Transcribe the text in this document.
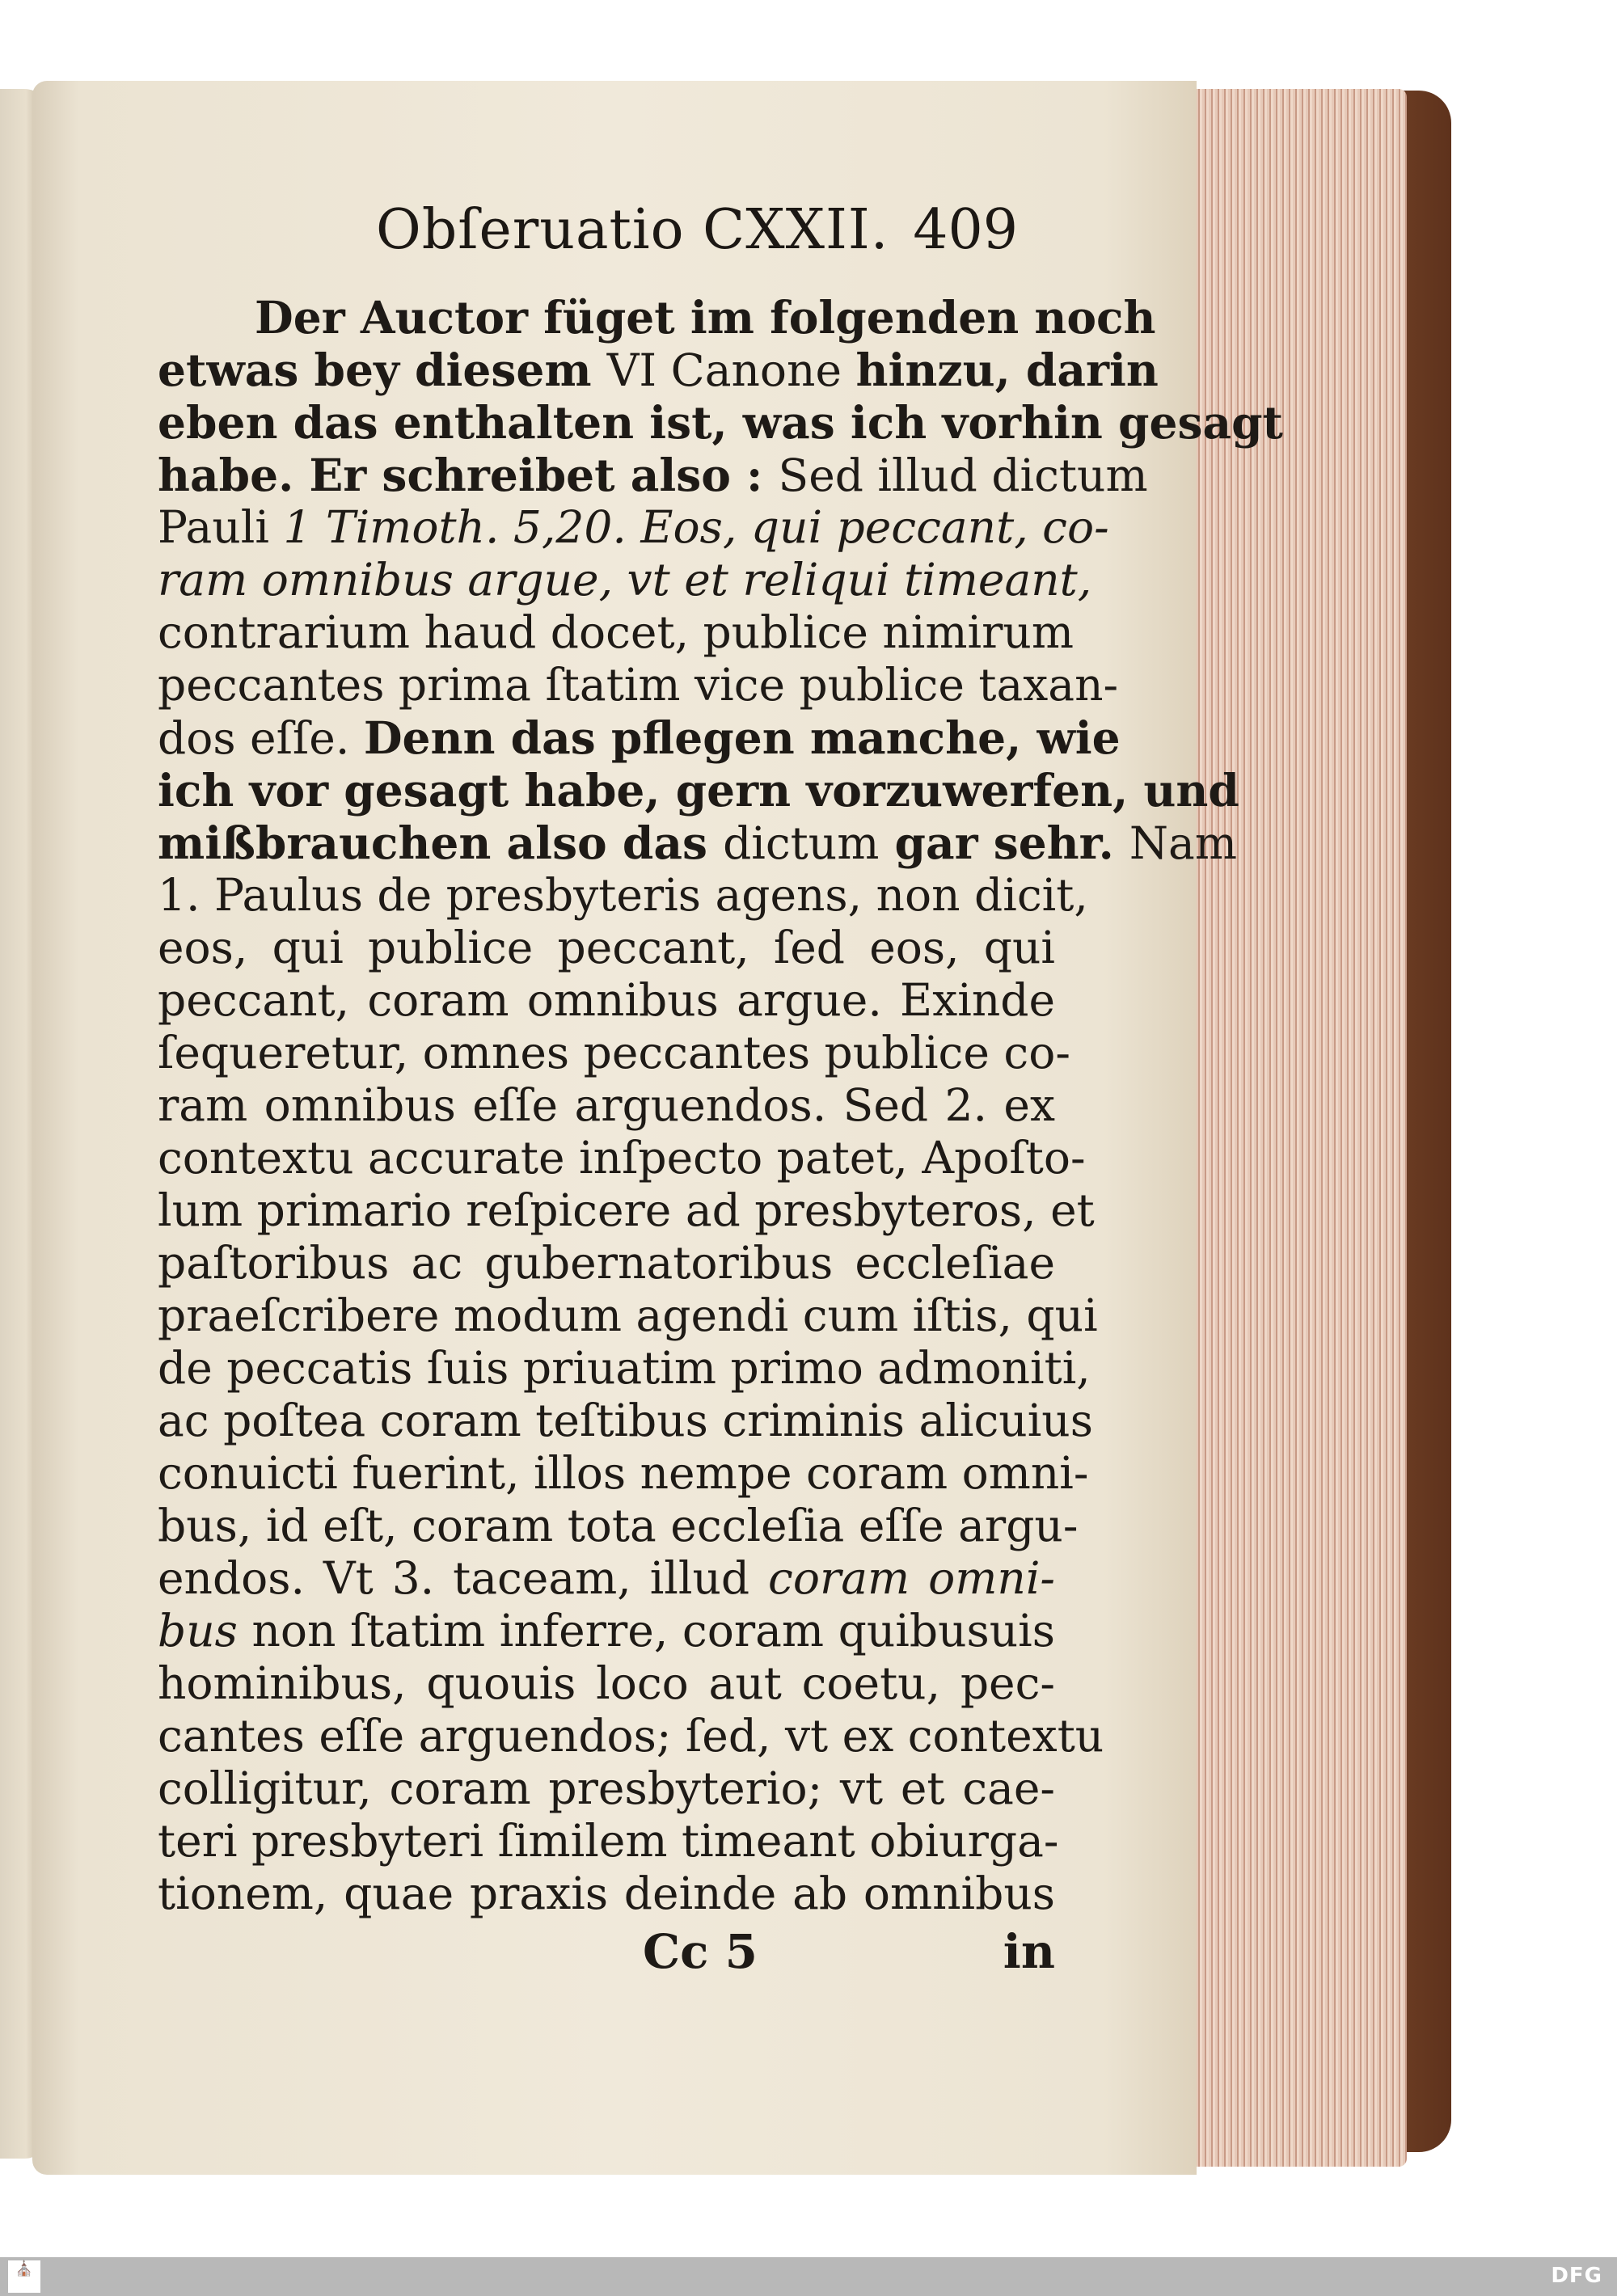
Obſeruatio CXXII. 409
Der Auctor füget im folgenden noch
etwas bey diesem VI Canone hinzu, darin
eben das enthalten ist, was ich vorhin gesagt
habe. Er schreibet also : Sed illud dictum
Pauli 1 Timoth. 5,20. Eos, qui peccant, co-
ram omnibus argue, vt et reliqui timeant,
contrarium haud docet, publice nimirum
peccantes prima ſtatim vice publice taxan-
dos eſſe. Denn das pflegen manche, wie
ich vor gesagt habe, gern vorzuwerfen, und
mißbrauchen also das dictum gar sehr. Nam
1. Paulus de presbyteris agens, non dicit,
eos, qui publice peccant, ſed eos, qui
peccant, coram omnibus argue. Exinde
ſequeretur, omnes peccantes publice co-
ram omnibus eſſe arguendos. Sed 2. ex
contextu accurate inſpecto patet, Apoſto-
lum primario reſpicere ad presbyteros, et
paſtoribus ac gubernatoribus eccleſiae
praeſcribere modum agendi cum iſtis, qui
de peccatis ſuis priuatim primo admoniti,
ac poſtea coram teſtibus criminis alicuius
conuicti fuerint, illos nempe coram omni-
bus, id eſt, coram tota eccleſia eſſe argu-
endos. Vt 3. taceam, illud coram omni-
bus non ſtatim inferre, coram quibusuis
hominibus, quouis loco aut coetu, pec-
cantes eſſe arguendos; ſed, vt ex contextu
colligitur, coram presbyterio; vt et cae-
teri presbyteri ſimilem timeant obiurga-
tionem, quae praxis deinde ab omnibus
Cc 5	in
⛪	DFG
